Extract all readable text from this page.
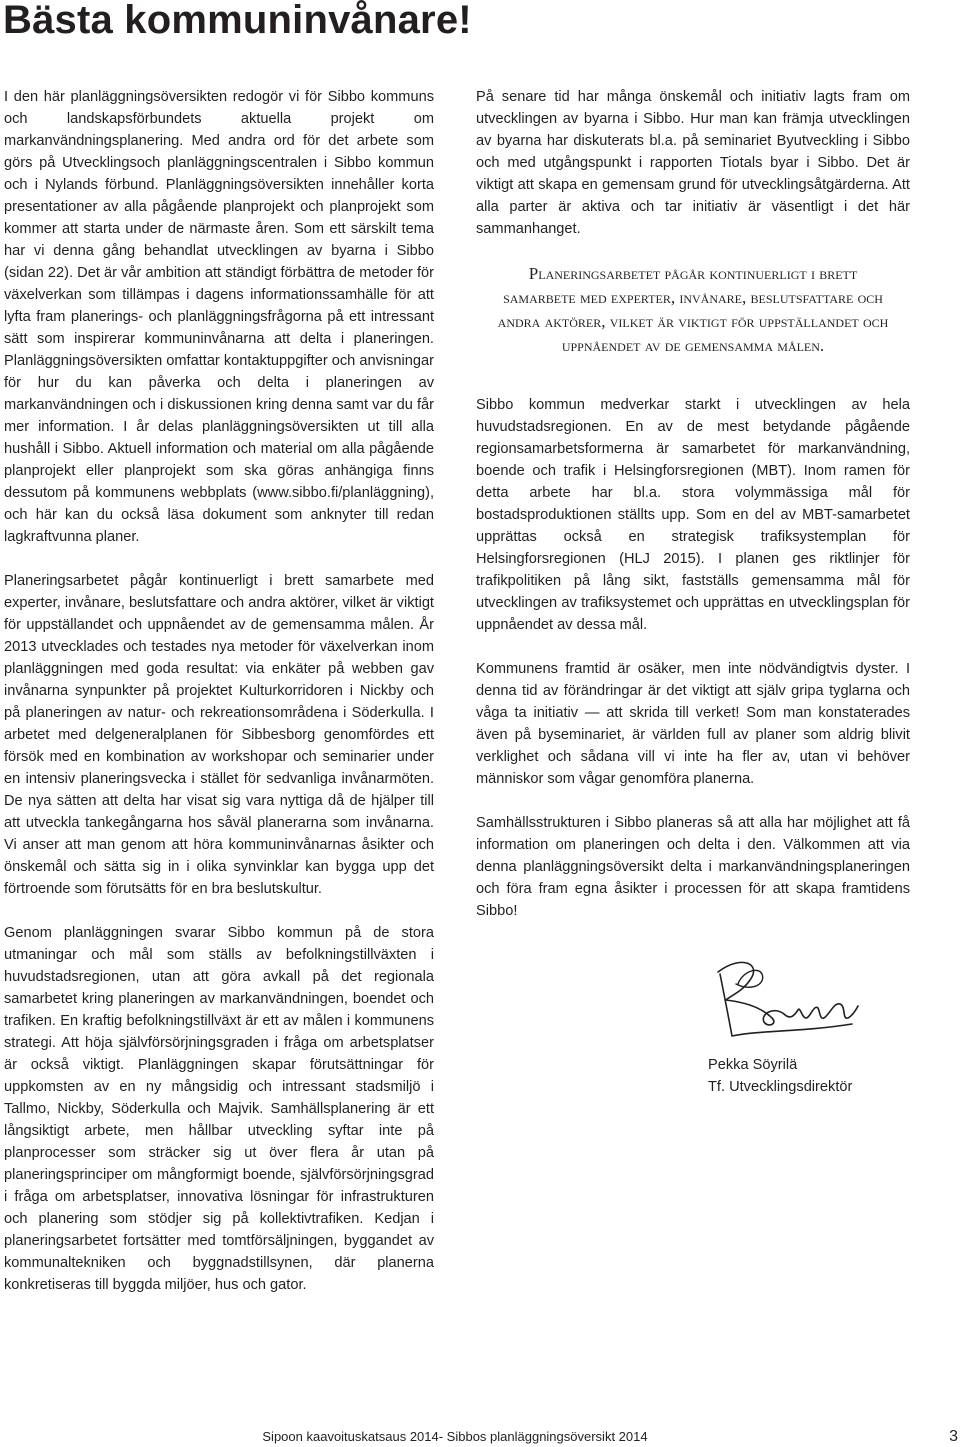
Bästa kommuninvånare!

I den här planläggningsöversikten redogör vi för Sibbo kommuns och landskapsförbundets aktuella projekt om markanvändningsplanering. Med andra ord för det arbete som görs på Utvecklingsoch planläggningscentralen i Sibbo kommun och i Nylands förbund. Planläggningsöversikten innehåller korta presentationer av alla pågående planprojekt och planprojekt som kommer att starta under de närmaste åren. Som ett särskilt tema har vi denna gång behandlat utvecklingen av byarna i Sibbo (sidan 22). Det är vår ambition att ständigt förbättra de metoder för växelverkan som tillämpas i dagens informationssamhälle för att lyfta fram planerings- och planläggningsfrågorna på ett intressant sätt som inspirerar kommuninvånarna att delta i planeringen. Planläggningsöversikten omfattar kontaktuppgifter och anvisningar för hur du kan påverka och delta i planeringen av markanvändningen och i diskussionen kring denna samt var du får mer information. I år delas planläggningsöversikten ut till alla hushåll i Sibbo. Aktuell information och material om alla pågående planprojekt eller planprojekt som ska göras anhängiga finns dessutom på kommunens webbplats (www.sibbo.fi/planläggning), och här kan du också läsa dokument som anknyter till redan lagkraftvunna planer.

Planeringsarbetet pågår kontinuerligt i brett samarbete med experter, invånare, beslutsfattare och andra aktörer, vilket är viktigt för uppställandet och uppnåendet av de gemensamma målen. År 2013 utvecklades och testades nya metoder för växelverkan inom planläggningen med goda resultat: via enkäter på webben gav invånarna synpunkter på projektet Kulturkorridoren i Nickby och på planeringen av natur- och rekreationsområdena i Söderkulla. I arbetet med delgeneralplanen för Sibbesborg genomfördes ett försök med en kombination av workshopar och seminarier under en intensiv planeringsvecka i stället för sedvanliga invånarmöten. De nya sätten att delta har visat sig vara nyttiga då de hjälper till att utveckla tankegångarna hos såväl planerarna som invånarna. Vi anser att man genom att höra kommuninvånarnas åsikter och önskemål och sätta sig in i olika synvinklar kan bygga upp det förtroende som förutsätts för en bra beslutskultur.

Genom planläggningen svarar Sibbo kommun på de stora utmaningar och mål som ställs av befolkningstillväxten i huvudstadsregionen, utan att göra avkall på det regionala samarbetet kring planeringen av markanvändningen, boendet och trafiken. En kraftig befolkningstillväxt är ett av målen i kommunens strategi. Att höja självförsörjningsgraden i fråga om arbetsplatser är också viktigt. Planläggningen skapar förutsättningar för uppkomsten av en ny mångsidig och intressant stadsmiljö i Tallmo, Nickby, Söderkulla och Majvik. Samhällsplanering är ett långsiktigt arbete, men hållbar utveckling syftar inte på planprocesser som sträcker sig ut över flera år utan på planeringsprinciper om mångformigt boende, självförsörjningsgrad i fråga om arbetsplatser, innovativa lösningar för infrastrukturen och planering som stödjer sig på kollektivtrafiken. Kedjan i planeringsarbetet fortsätter med tomtförsäljningen, byggandet av kommunaltekniken och byggnadstillsynen, där planerna konkretiseras till byggda miljöer, hus och gator.

På senare tid har många önskemål och initiativ lagts fram om utvecklingen av byarna i Sibbo. Hur man kan främja utvecklingen av byarna har diskuterats bl.a. på seminariet Byutveckling i Sibbo och med utgångspunkt i rapporten Tiotals byar i Sibbo. Det är viktigt att skapa en gemensam grund för utvecklingsåtgärderna. Att alla parter är aktiva och tar initiativ är väsentligt i det här sammanhanget.

Planeringsarbetet pågår kontinuerligt i brett samarbete med experter, invånare, beslutsfattare och andra aktörer, vilket är viktigt för uppställandet och uppnåendet av de gemensamma målen.

Sibbo kommun medverkar starkt i utvecklingen av hela huvudstadsregionen. En av de mest betydande pågående regionsamarbetsformerna är samarbetet för markanvändning, boende och trafik i Helsingforsregionen (MBT). Inom ramen för detta arbete har bl.a. stora volymmässiga mål för bostadsproduktionen ställts upp. Som en del av MBT-samarbetet upprättas också en strategisk trafiksystemplan för Helsingforsregionen (HLJ 2015). I planen ges riktlinjer för trafikpolitiken på lång sikt, fastställs gemensamma mål för utvecklingen av trafiksystemet och upprättas en utvecklingsplan för uppnåendet av dessa mål.

Kommunens framtid är osäker, men inte nödvändigtvis dyster. I denna tid av förändringar är det viktigt att själv gripa tyglarna och våga ta initiativ — att skrida till verket! Som man konstaterades även på byseminariet, är världen full av planer som aldrig blivit verklighet och sådana vill vi inte ha fler av, utan vi behöver människor som vågar genomföra planerna.

Samhällsstrukturen i Sibbo planeras så att alla har möjlighet att få information om planeringen och delta i den. Välkommen att via denna planläggningsöversikt delta i markanvändningsplaneringen och föra fram egna åsikter i processen för att skapa framtidens Sibbo!

Pekka Söyrilä
Tf. Utvecklingsdirektör
Sipoon kaavoituskatsaus 2014- Sibbos planläggningsöversikt 2014	3
